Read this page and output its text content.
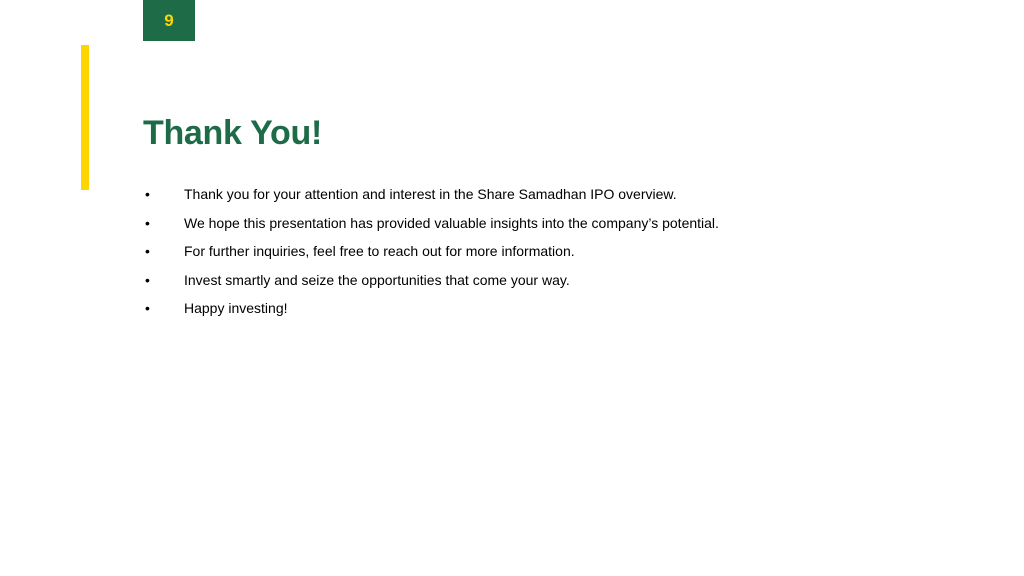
9
Thank You!
• Thank you for your attention and interest in the Share Samadhan IPO overview.
• We hope this presentation has provided valuable insights into the company’s potential.
• For further inquiries, feel free to reach out for more information.
• Invest smartly and seize the opportunities that come your way.
• Happy investing!
